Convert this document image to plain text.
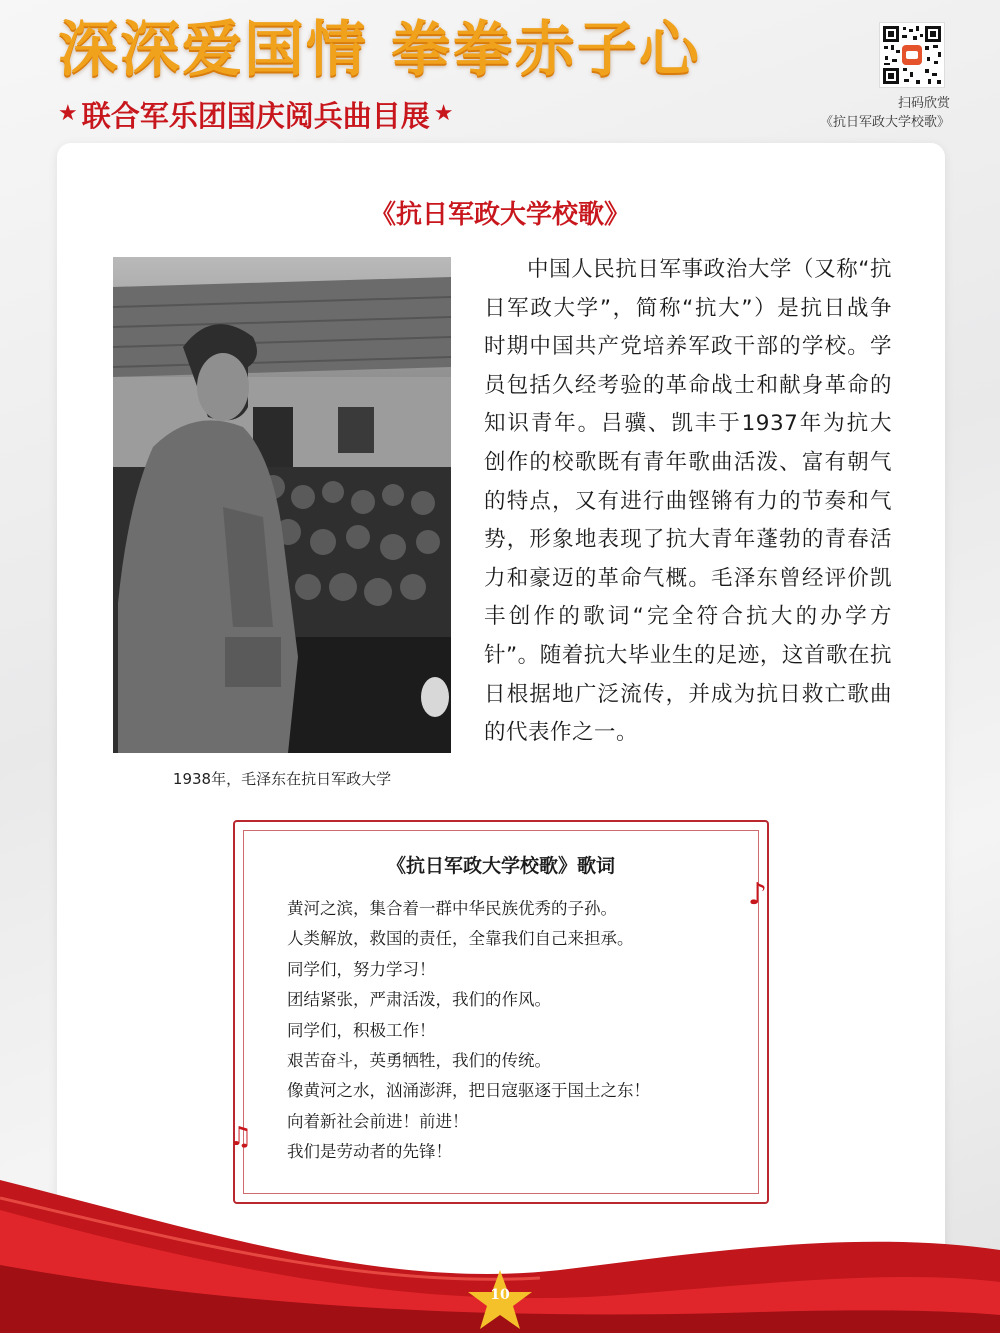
深深爱国情 拳拳赤子心
★ 联合军乐团国庆阅兵曲目展 ★	扫码欣赏
《抗日军政大学校歌》
《抗日军政大学校歌》
1938年，毛泽东在抗日军政大学

中国人民抗日军事政治大学（又称“抗日军政大学”，简称“抗大”）是抗日战争时期中国共产党培养军政干部的学校。学员包括久经考验的革命战士和献身革命的知识青年。吕骥、凯丰于1937年为抗大创作的校歌既有青年歌曲活泼、富有朝气的特点，又有进行曲铿锵有力的节奏和气势，形象地表现了抗大青年蓬勃的青春活力和豪迈的革命气概。毛泽东曾经评价凯丰创作的歌词“完全符合抗大的办学方针”。随着抗大毕业生的足迹，这首歌在抗日根据地广泛流传，并成为抗日救亡歌曲的代表作之一。

《抗日军政大学校歌》歌词
黄河之滨，集合着一群中华民族优秀的子孙。
人类解放，救国的责任，全靠我们自己来担承。
同学们，努力学习！
团结紧张，严肃活泼，我们的作风。
同学们，积极工作！
艰苦奋斗，英勇牺牲，我们的传统。
像黄河之水，汹涌澎湃，把日寇驱逐于国土之东！
向着新社会前进！前进！
我们是劳动者的先锋！
♪
♫
10
